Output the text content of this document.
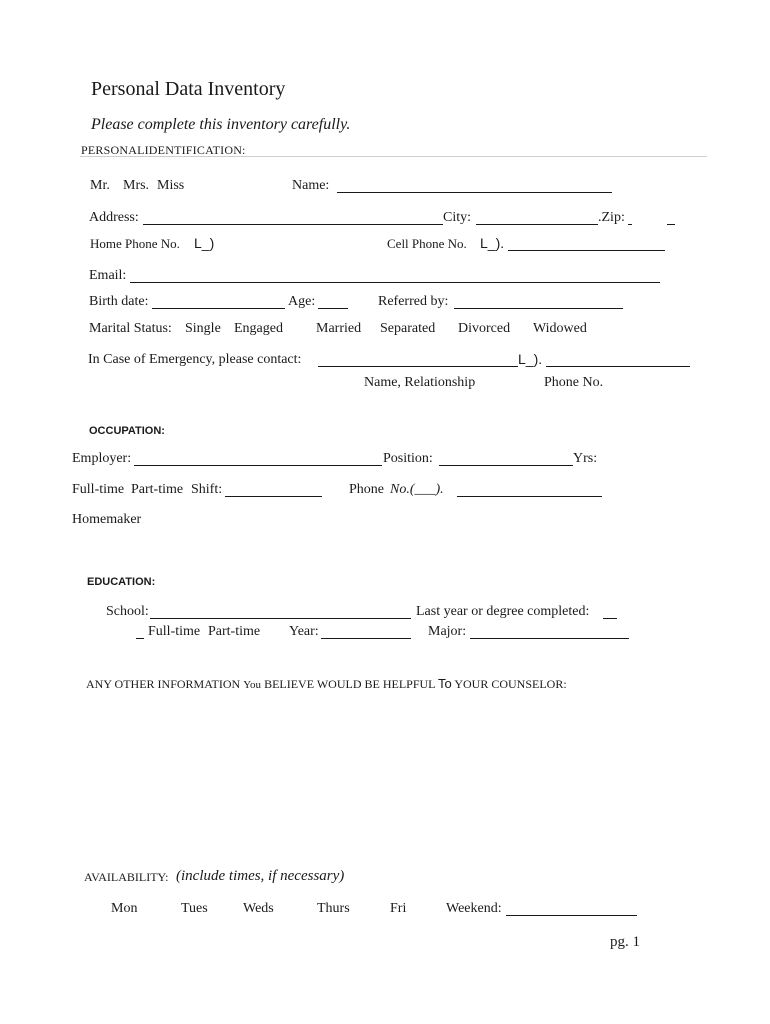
Personal Data Inventory
Please complete this inventory carefully.
PERSONALIDENTIFICATION:
Mr. Mrs. Miss	Name:
Address:	City:	.Zip:
Home Phone No. L_)	Cell Phone No. L_).
Email:
Birth date:	Age:	Referred by:
Marital Status: Single Engaged Married Separated Divorced Widowed
In Case of Emergency, please contact:	L_).
Name, Relationship	Phone No.
OCCUPATION:
Employer:	Position:	Yrs:
Full-time Part-time Shift:	Phone No.(___).
Homemaker
EDUCATION:
School:	Last year or degree completed:
Full-time Part-time Year:	Major:
ANY OTHER INFORMATION You BELIEVE WOULD BE HELPFUL To YOUR COUNSELOR:
AVAILABILITY: (include times, if necessary)
Mon	Tues	Weds	Thurs	Fri	Weekend:
pg. 1
